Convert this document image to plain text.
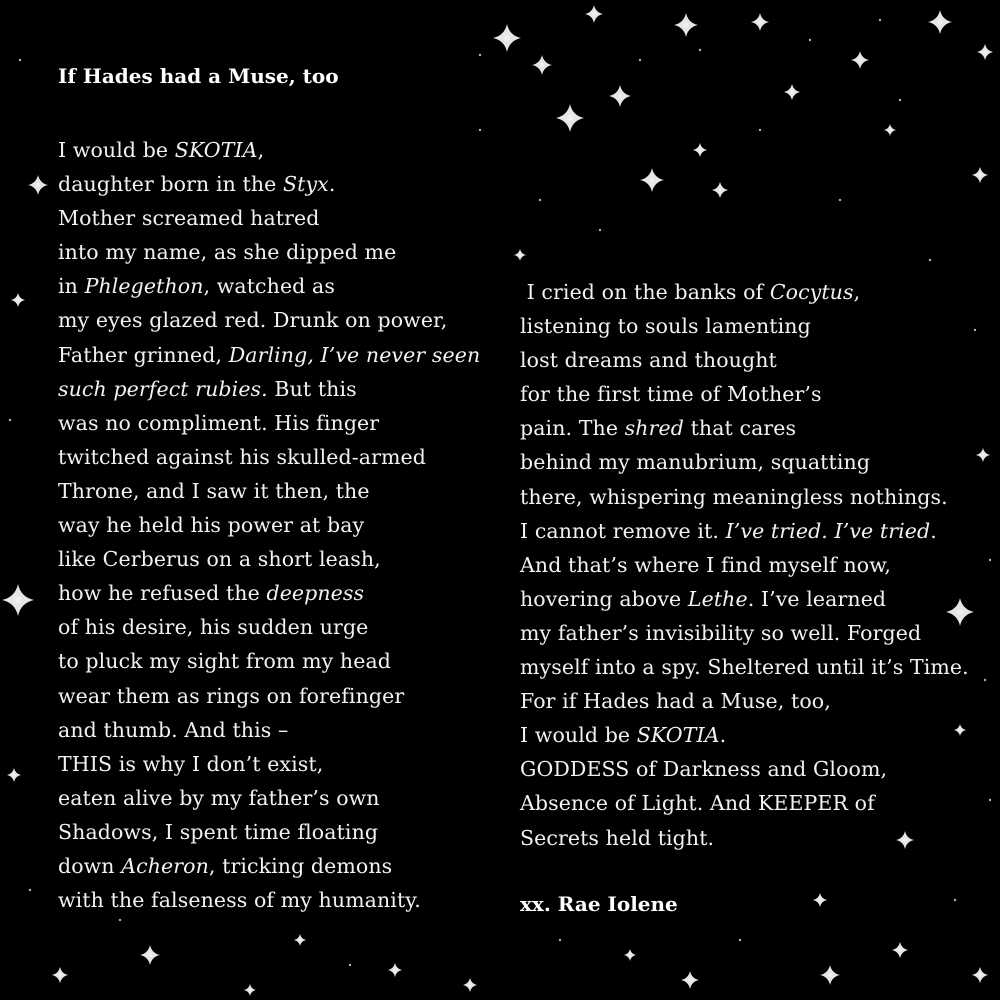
If Hades had a Muse, too
I would be SKOTIA,
daughter born in the Styx.
Mother screamed hatred
into my name, as she dipped me
in Phlegethon, watched as
my eyes glazed red. Drunk on power,
Father grinned, Darling, I’ve never seen
such perfect rubies. But this
was no compliment. His finger
twitched against his skulled-armed
Throne, and I saw it then, the
way he held his power at bay
like Cerberus on a short leash,
how he refused the deepness
of his desire, his sudden urge
to pluck my sight from my head
wear them as rings on forefinger
and thumb. And this –
THIS is why I don’t exist,
eaten alive by my father’s own
Shadows, I spent time floating
down Acheron, tricking demons
with the falseness of my humanity.
I cried on the banks of Cocytus,
listening to souls lamenting
lost dreams and thought
for the first time of Mother’s
pain. The shred that cares
behind my manubrium, squatting
there, whispering meaningless nothings.
I cannot remove it. I’ve tried. I’ve tried.
And that’s where I find myself now,
hovering above Lethe. I’ve learned
my father’s invisibility so well. Forged
myself into a spy. Sheltered until it’s Time.
For if Hades had a Muse, too,
I would be SKOTIA.
GODDESS of Darkness and Gloom,
Absence of Light. And KEEPER of
Secrets held tight.

xx. Rae Iolene
